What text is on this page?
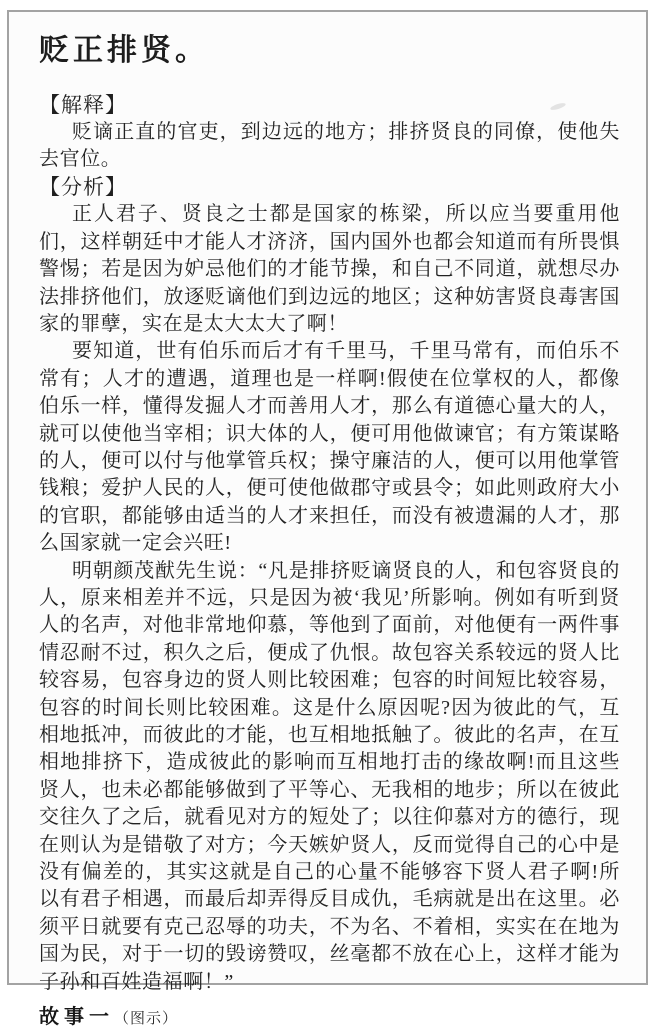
贬正排贤。
【解释】

贬谪正直的官吏，到边远的地方；排挤贤良的同僚，使他失去官位。

【分析】

正人君子、贤良之士都是国家的栋梁，所以应当要重用他们，这样朝廷中才能人才济济，国内国外也都会知道而有所畏惧警惕；若是因为妒忌他们的才能节操，和自己不同道，就想尽办法排挤他们，放逐贬谪他们到边远的地区；这种妨害贤良毒害国家的罪孽，实在是太大太大了啊！

要知道，世有伯乐而后才有千里马，千里马常有，而伯乐不常有；人才的遭遇，道理也是一样啊!假使在位掌权的人，都像伯乐一样，懂得发掘人才而善用人才，那么有道德心量大的人，就可以使他当宰相；识大体的人，便可用他做谏官；有方策谋略的人，便可以付与他掌管兵权；操守廉洁的人，便可以用他掌管钱粮；爱护人民的人，便可使他做郡守或县令；如此则政府大小的官职，都能够由适当的人才来担任，而没有被遗漏的人才，那么国家就一定会兴旺!

明朝颜茂猷先生说：“凡是排挤贬谪贤良的人，和包容贤良的人，原来相差并不远，只是因为被‘我见’所影响。例如有听到贤人的名声，对他非常地仰慕，等他到了面前，对他便有一两件事情忍耐不过，积久之后，便成了仇恨。故包容关系较远的贤人比较容易，包容身边的贤人则比较困难；包容的时间短比较容易，包容的时间长则比较困难。这是什么原因呢?因为彼此的气，互相地抵冲，而彼此的才能，也互相地抵触了。彼此的名声，在互相地排挤下，造成彼此的影响而互相地打击的缘故啊!而且这些贤人，也未必都能够做到了平等心、无我相的地步；所以在彼此交往久了之后，就看见对方的短处了；以往仰慕对方的德行，现在则认为是错敬了对方；今天嫉妒贤人，反而觉得自己的心中是没有偏差的，其实这就是自己的心量不能够容下贤人君子啊!所以有君子相遇，而最后却弄得反目成仇，毛病就是出在这里。必须平日就要有克己忍辱的功夫，不为名、不着相，实实在在地为国为民，对于一切的毁谤赞叹，丝毫都不放在心上，这样才能为子孙和百姓造福啊！”

故事一 （图示）
